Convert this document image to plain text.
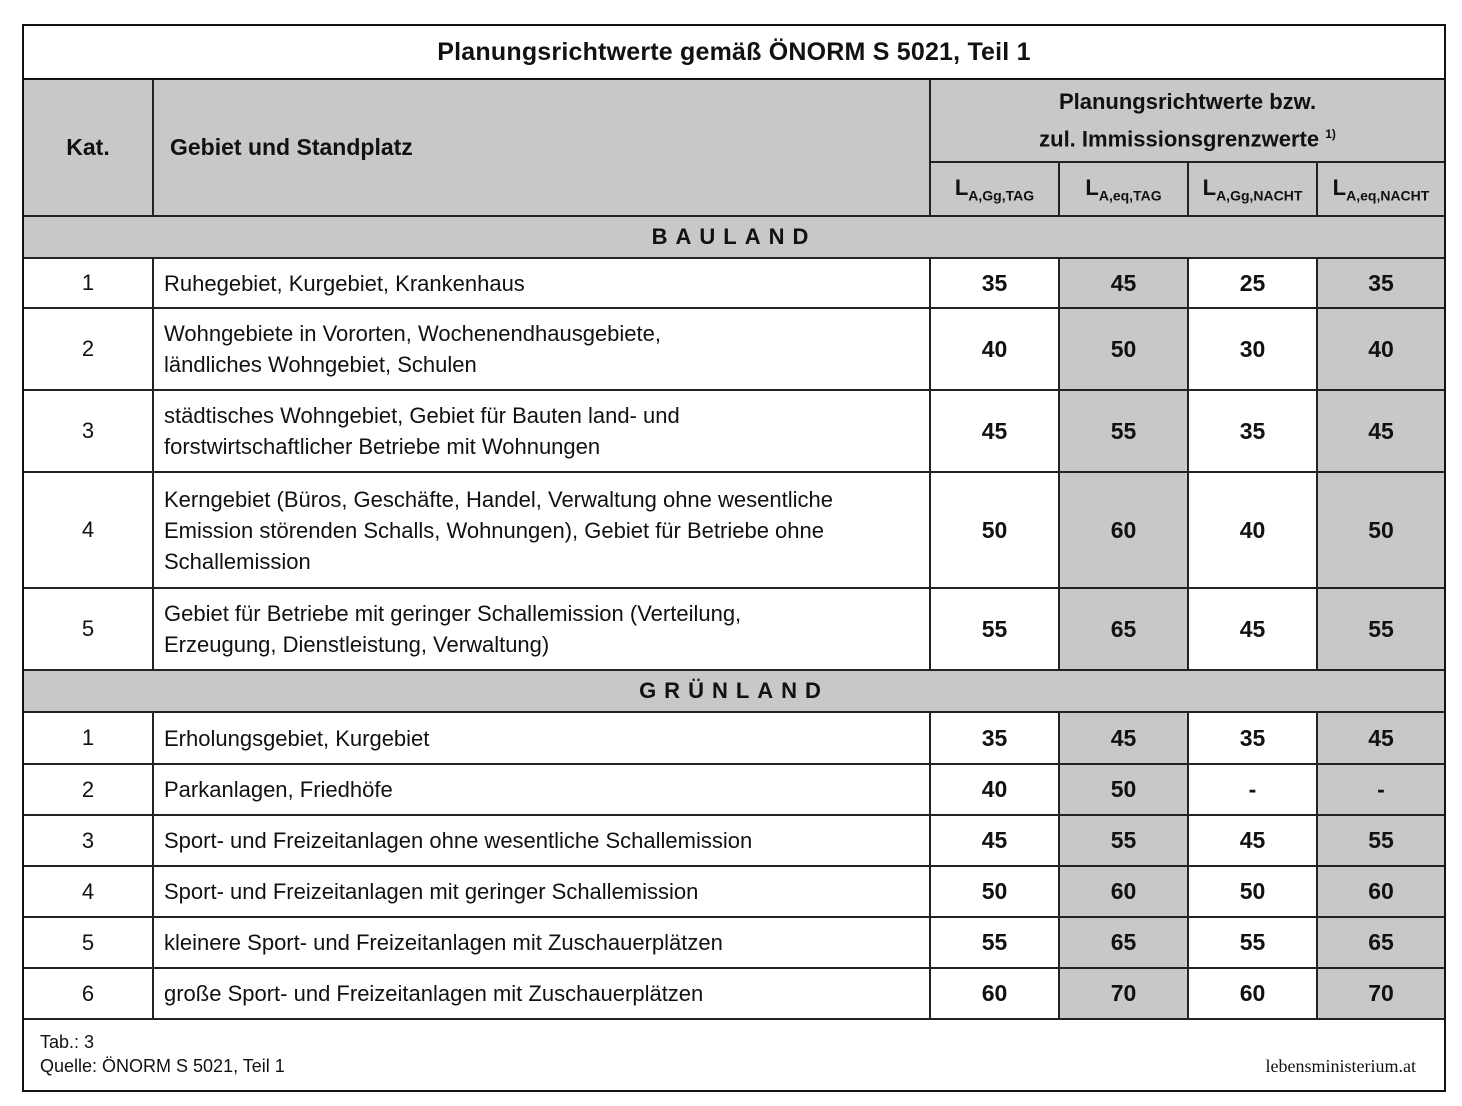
Planungsrichtwerte gemäß ÖNORM S 5021, Teil 1
Kat.	Gebiet und Standplatz	Planungsrichtwerte bzw.
zul. Immissionsgrenzwerte $^{1)}$

		$L_{A,Gg,TAG}$	$L_{A,eq,TAG}$	$L_{A,Gg,NACHT}$	$L_{A,eq,NACHT}$
BAULAND					
1	Ruhegebiet, Kurgebiet, Krankenhaus	35	45	25	35
2	Wohngebiete in Vororten, Wochenendhausgebiete,
ländliches Wohngebiet, Schulen	40	50	30	40
3	städtisches Wohngebiet, Gebiet für Bauten land- und
forstwirtschaftlicher Betriebe mit Wohnungen	45	55	35	45
4	Kerngebiet (Büros, Geschäfte, Handel, Verwaltung ohne wesentliche
Emission störenden Schalls, Wohnungen), Gebiet für Betriebe ohne
Schallemission	50	60	40	50
5	Gebiet für Betriebe mit geringer Schallemission (Verteilung,
Erzeugung, Dienstleistung, Verwaltung)	55	65	45	55
GRÜNLAND					
1	Erholungsgebiet, Kurgebiet	35	45	35	45
2	Parkanlagen, Friedhöfe	40	50	-	-
3	Sport- und Freizeitanlagen ohne wesentliche Schallemission	45	55	45	55
4	Sport- und Freizeitanlagen mit geringer Schallemission	50	60	50	60
5	kleinere Sport- und Freizeitanlagen mit Zuschauerplätzen	55	65	55	65
6	große Sport- und Freizeitanlagen mit Zuschauerplätzen	60	70	60	70
Tab.: 3
Quelle: ÖNORM S 5021, Teil 1	lebensministerium.at
